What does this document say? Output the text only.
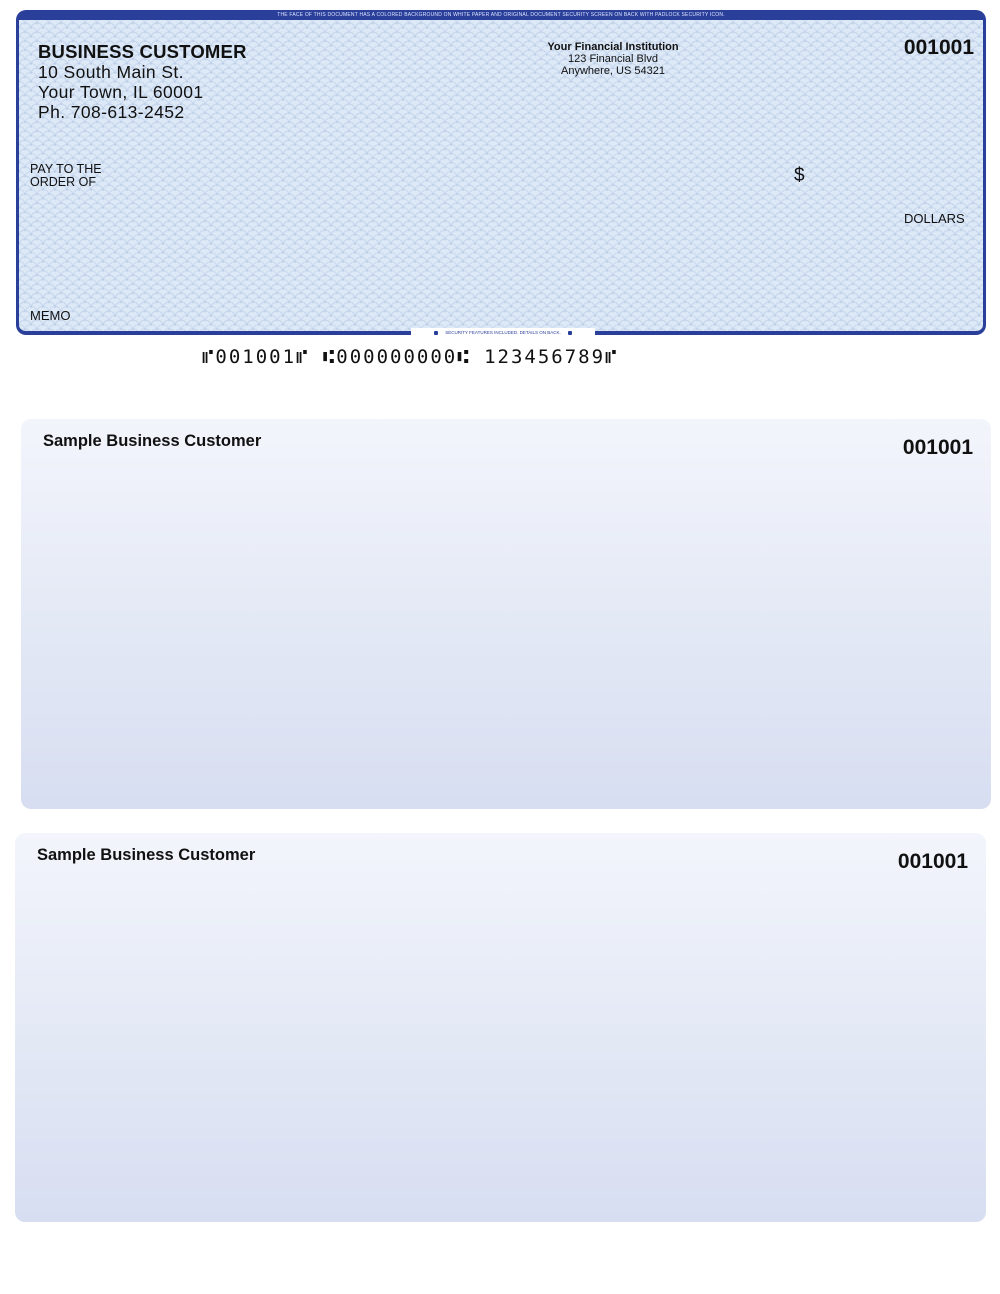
THE FACE OF THIS DOCUMENT HAS A COLORED BACKGROUND ON WHITE PAPER AND ORIGINAL DOCUMENT SECURITY SCREEN ON BACK WITH PADLOCK SECURITY ICON.
BUSINESS CUSTOMER
10 South Main St.
Your Town, IL 60001
Ph. 708-613-2452
Your Financial Institution
123 Financial Blvd
Anywhere, US 54321
001001
PAY TO THE ORDER OF	$
DOLLARS
MEMO
SECURITY FEATURES INCLUDED. DETAILS ON BACK.
⑈001001⑈ ⑆000000000⑆ 123456789⑈
Sample Business Customer	001001
Sample Business Customer	001001
